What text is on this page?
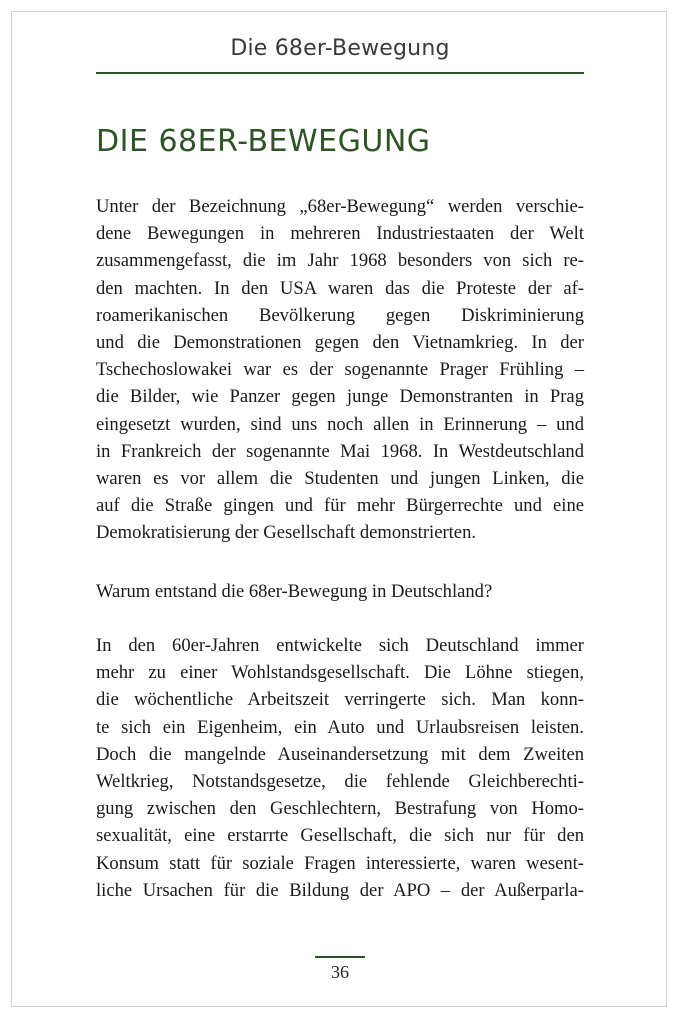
Die 68er-Bewegung
DIE 68ER-BEWEGUNG
Unter der Bezeichnung „68er-Bewegung“ werden verschie-
dene Bewegungen in mehreren Industriestaaten der Welt
zusammengefasst, die im Jahr 1968 besonders von sich re-
den machten. In den USA waren das die Proteste der af-
roamerikanischen Bevölkerung gegen Diskriminierung
und die Demonstrationen gegen den Vietnamkrieg. In der
Tschechoslowakei war es der sogenannte Prager Frühling –
die Bilder, wie Panzer gegen junge Demonstranten in Prag
eingesetzt wurden, sind uns noch allen in Erinnerung – und
in Frankreich der sogenannte Mai 1968. In Westdeutschland
waren es vor allem die Studenten und jungen Linken, die
auf die Straße gingen und für mehr Bürgerrechte und eine
Demokratisierung der Gesellschaft demonstrierten.

Warum entstand die 68er-Bewegung in Deutschland?

In den 60er-Jahren entwickelte sich Deutschland immer
mehr zu einer Wohlstandsgesellschaft. Die Löhne stiegen,
die wöchentliche Arbeitszeit verringerte sich. Man konn-
te sich ein Eigenheim, ein Auto und Urlaubsreisen leisten.
Doch die mangelnde Auseinandersetzung mit dem Zweiten
Weltkrieg, Notstandsgesetze, die fehlende Gleichberechti-
gung zwischen den Geschlechtern, Bestrafung von Homo-
sexualität, eine erstarrte Gesellschaft, die sich nur für den
Konsum statt für soziale Fragen interessierte, waren wesent-
liche Ursachen für die Bildung der APO – der Außerparla-
36
